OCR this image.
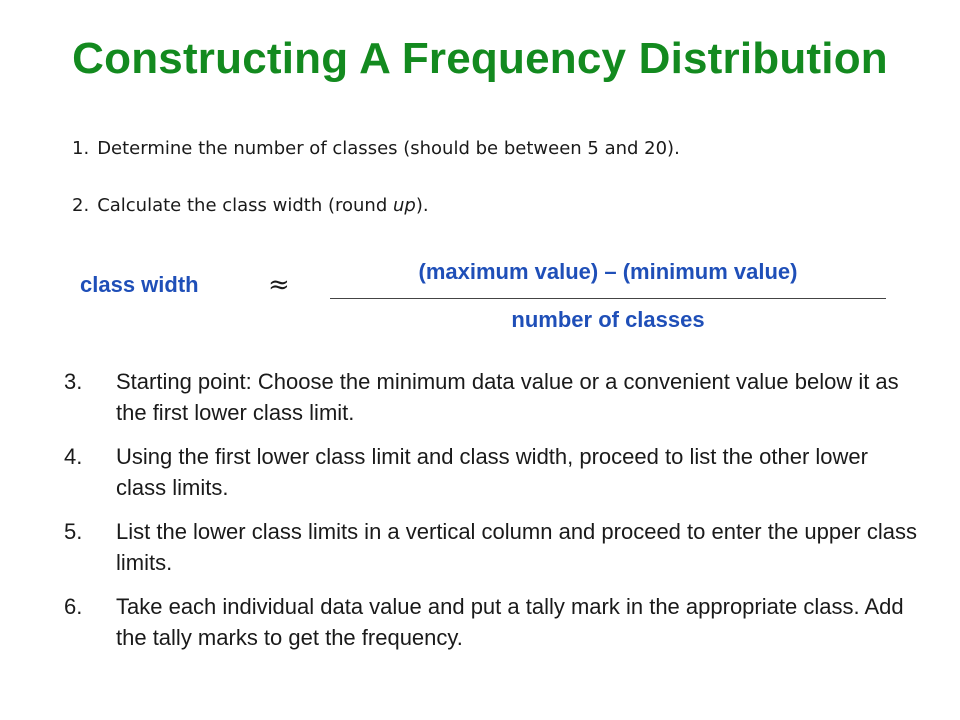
Constructing A Frequency Distribution
1. Determine the number of classes (should be between 5 and 20).
2. Calculate the class width (round up).
class width	≈	(maximum value) – (minimum value)
number of classes
3. Starting point: Choose the minimum data value or a convenient value below it as the first lower class limit.
4. Using the first lower class limit and class width, proceed to list the other lower class limits.
5. List the lower class limits in a vertical column and proceed to enter the upper class limits.
6. Take each individual data value and put a tally mark in the appropriate class. Add the tally marks to get the frequency.
